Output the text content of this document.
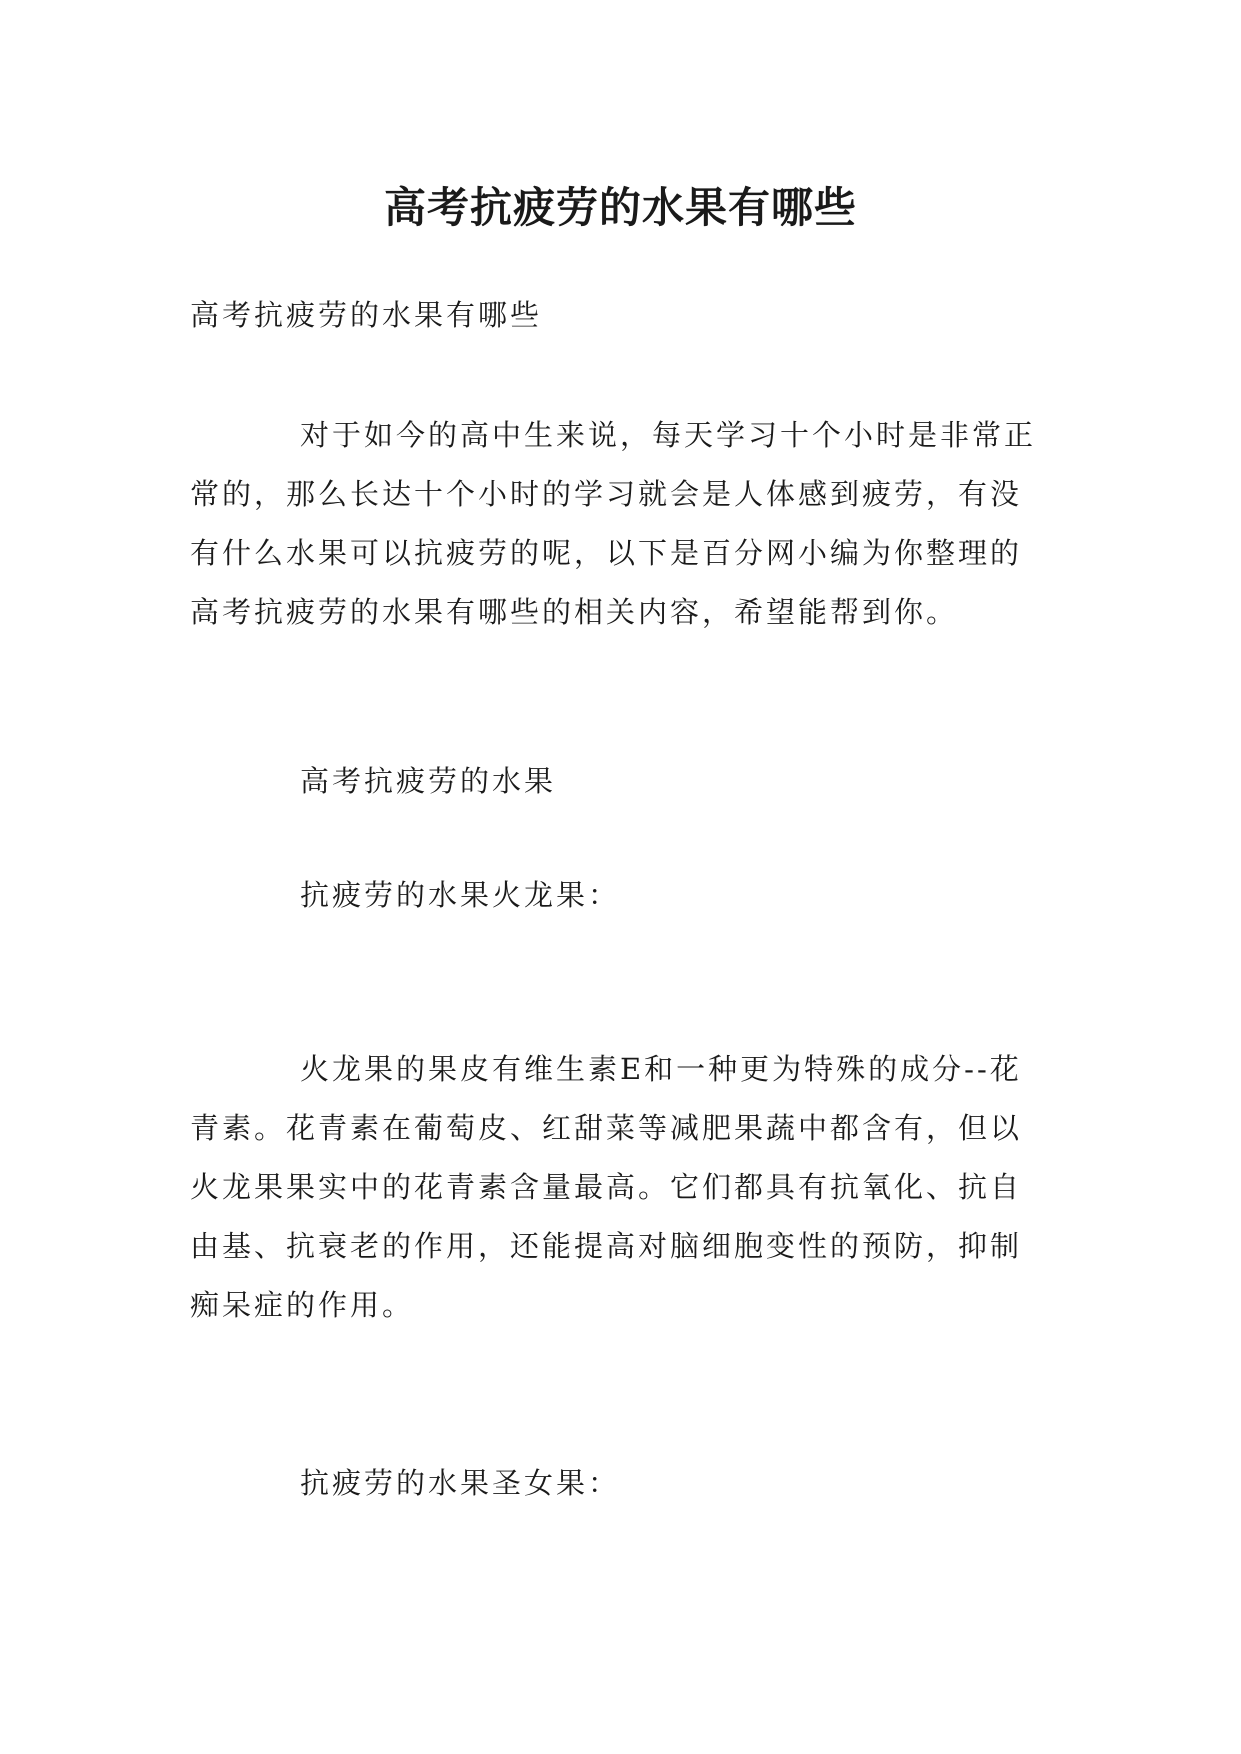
高考抗疲劳的水果有哪些

高考抗疲劳的水果有哪些

对于如今的高中生来说，每天学习十个小时是非常正常的，那么长达十个小时的学习就会是人体感到疲劳，有没有什么水果可以抗疲劳的呢，以下是百分网小编为你整理的高考抗疲劳的水果有哪些的相关内容，希望能帮到你。

高考抗疲劳的水果

抗疲劳的水果火龙果：

火龙果的果皮有维生素E和一种更为特殊的成分--花青素。花青素在葡萄皮、红甜菜等减肥果蔬中都含有，但以火龙果果实中的花青素含量最高。它们都具有抗氧化、抗自由基、抗衰老的作用，还能提高对脑细胞变性的预防，抑制痴呆症的作用。

抗疲劳的水果圣女果：
